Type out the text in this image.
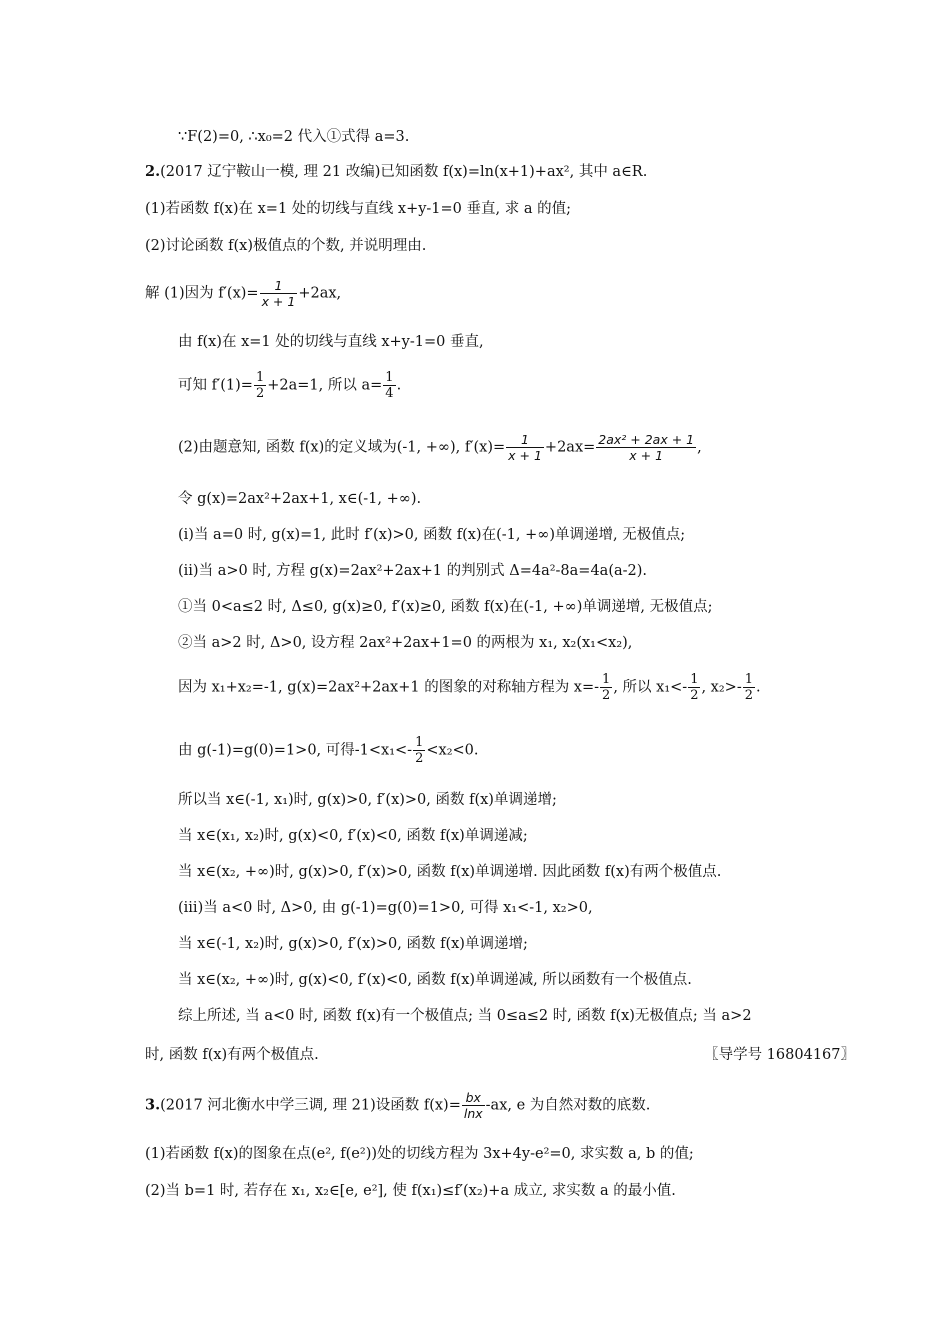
∵F(2)=0, ∴x₀=2 代入①式得 a=3.
2.(2017 辽宁鞍山一模, 理 21 改编)已知函数 f(x)=ln(x+1)+ax², 其中 a∈R.
(1)若函数 f(x)在 x=1 处的切线与直线 x+y-1=0 垂直, 求 a 的值;
(2)讨论函数 f(x)极值点的个数, 并说明理由.
解 (1)因为 $f'(x)= \frac{1}{x + 1} +2ax$,
由 f(x)在 x=1 处的切线与直线 x+y-1=0 垂直,
可知 $f'(1)= \frac{1}{2} +2a=1$, 所以 $a= \frac{1}{4}$ .
(2)由题意知, 函数 f(x)的定义域为(-1, +∞), $f'(x)= \frac{1}{x + 1} +2ax= \frac{\text{2ax² + 2ax + 1}}{x + 1}$ ,
令 g(x)=2ax²+2ax+1, x∈(-1, +∞).
(i)当 a=0 时, g(x)=1, 此时 f′(x)>0, 函数 f(x)在(-1, +∞)单调递增, 无极值点;
(ii)当 a>0 时, 方程 g(x)=2ax²+2ax+1 的判别式 Δ=4a²-8a=4a(a-2).
①当 0<a≤2 时, Δ≤0, g(x)≥0, f′(x)≥0, 函数 f(x)在(-1, +∞)单调递增, 无极值点;
②当 a>2 时, Δ>0, 设方程 2ax²+2ax+1=0 的两根为 x₁, x₂(x₁<x₂),
因为 x₁+x₂=-1, g(x)=2ax²+2ax+1 的图象的对称轴方程为 $x=- \frac{1}{2}$ , 所以 $x_1<- \frac{1}{2}$ , $x_2>- \frac{1}{2}$ .
由 g(-1)=g(0)=1>0, 可得$-1<x_1<- \frac{1}{2} <x_2<0$.
所以当 x∈(-1, x₁)时, g(x)>0, f′(x)>0, 函数 f(x)单调递增;
当 x∈(x₁, x₂)时, g(x)<0, f′(x)<0, 函数 f(x)单调递减;
当 x∈(x₂, +∞)时, g(x)>0, f′(x)>0, 函数 f(x)单调递增. 因此函数 f(x)有两个极值点.
(iii)当 a<0 时, Δ>0, 由 g(-1)=g(0)=1>0, 可得 x₁<-1, x₂>0,
当 x∈(-1, x₂)时, g(x)>0, f′(x)>0, 函数 f(x)单调递增;
当 x∈(x₂, +∞)时, g(x)<0, f′(x)<0, 函数 f(x)单调递减, 所以函数有一个极值点.
综上所述, 当 a<0 时, 函数 f(x)有一个极值点; 当 0≤a≤2 时, 函数 f(x)无极值点; 当 a>2
时, 函数 f(x)有两个极值点.	〖导学号 16804167〗
3.(2017 河北衡水中学三调, 理 21)设函数 $f(x)= \frac{bx}{\ln x} -ax$, e 为自然对数的底数.
(1)若函数 f(x)的图象在点(e², f(e²))处的切线方程为 3x+4y-e²=0, 求实数 a, b 的值;
(2)当 b=1 时, 若存在 x₁, x₂∈[e, e²], 使 f(x₁)≤f′(x₂)+a 成立, 求实数 a 的最小值.
